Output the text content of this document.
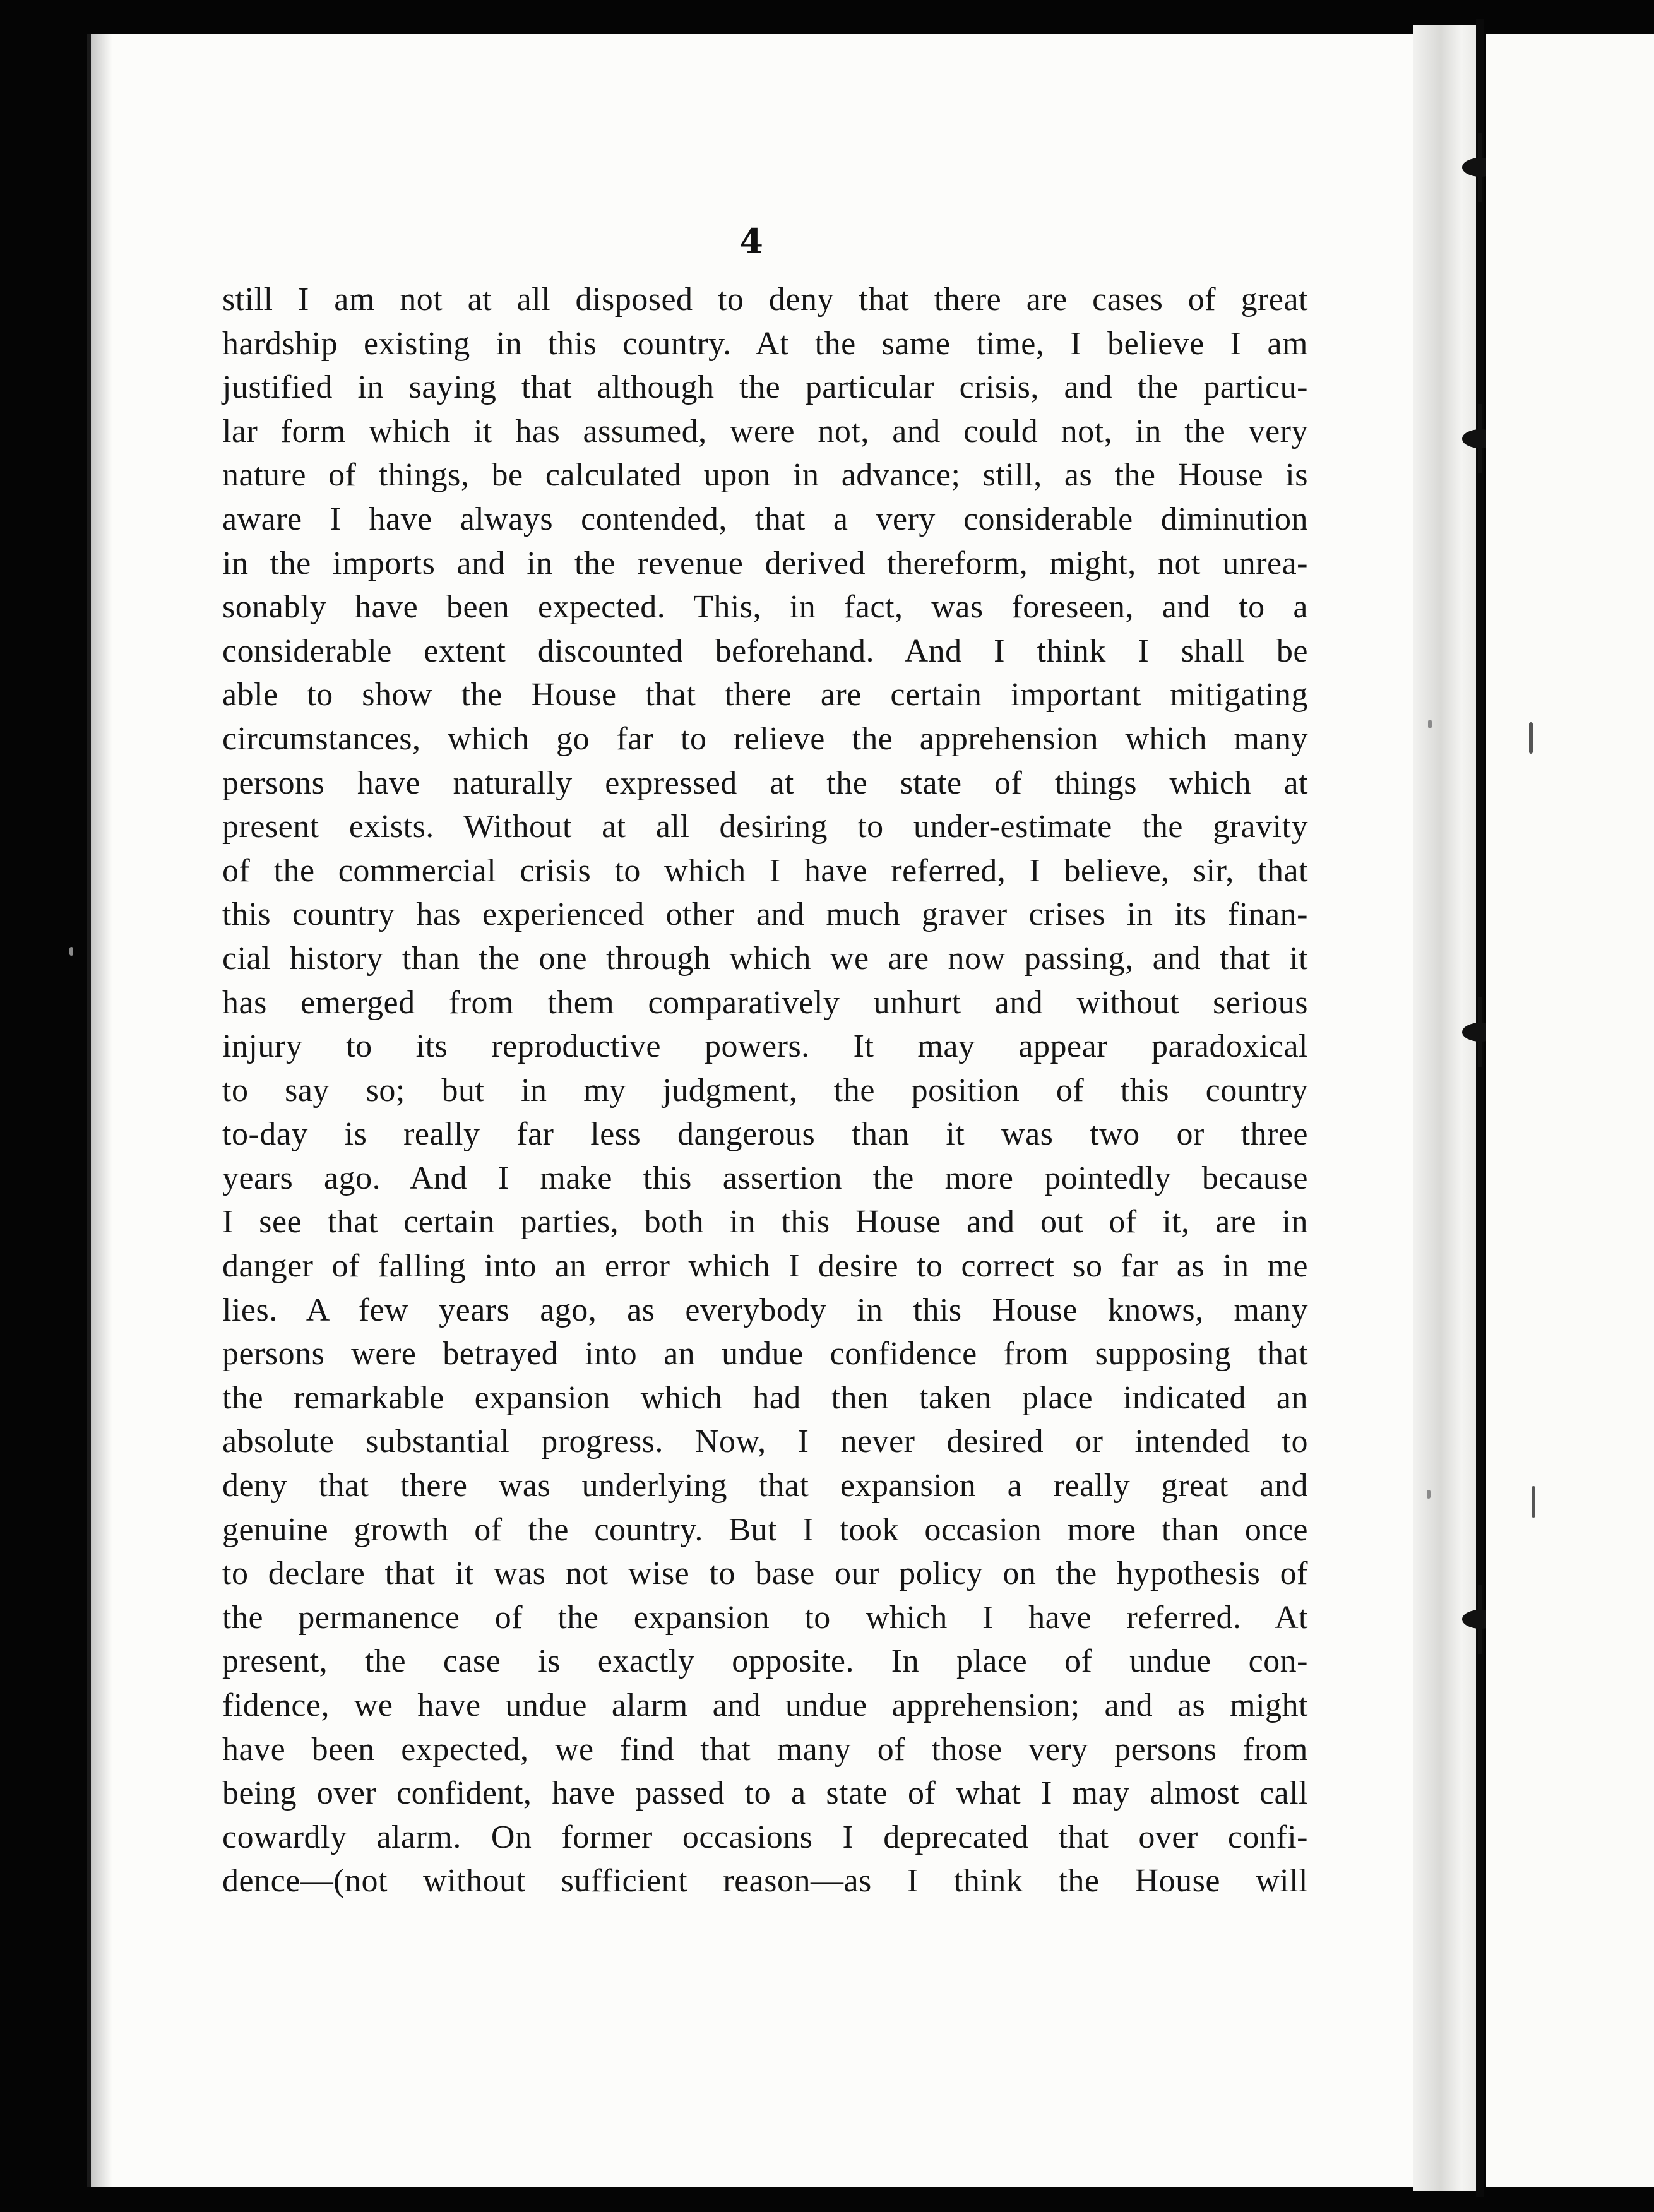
4
still I am not at all disposed to deny that there are cases of great
hardship existing in this country. At the same time, I believe I am
justified in saying that although the particular crisis, and the particu-
lar form which it has assumed, were not, and could not, in the very
nature of things, be calculated upon in advance; still, as the House is
aware I have always contended, that a very considerable diminution
in the imports and in the revenue derived thereform, might, not unrea-
sonably have been expected. This, in fact, was foreseen, and to a
considerable extent discounted beforehand. And I think I shall be
able to show the House that there are certain important mitigating
circumstances, which go far to relieve the apprehension which many
persons have naturally expressed at the state of things which at
present exists. Without at all desiring to under-estimate the gravity
of the commercial crisis to which I have referred, I believe, sir, that
this country has experienced other and much graver crises in its finan-
cial history than the one through which we are now passing, and that it
has emerged from them comparatively unhurt and without serious
injury to its reproductive powers. It may appear paradoxical
to say so; but in my judgment, the position of this country
to-day is really far less dangerous than it was two or three
years ago. And I make this assertion the more pointedly because
I see that certain parties, both in this House and out of it, are in
danger of falling into an error which I desire to correct so far as in me
lies. A few years ago, as everybody in this House knows, many
persons were betrayed into an undue confidence from supposing that
the remarkable expansion which had then taken place indicated an
absolute substantial progress. Now, I never desired or intended to
deny that there was underlying that expansion a really great and
genuine growth of the country. But I took occasion more than once
to declare that it was not wise to base our policy on the hypothesis of
the permanence of the expansion to which I have referred. At
present, the case is exactly opposite. In place of undue con-
fidence, we have undue alarm and undue apprehension; and as might
have been expected, we find that many of those very persons from
being over confident, have passed to a state of what I may almost call
cowardly alarm. On former occasions I deprecated that over confi-
dence—(not without sufficient reason—as I think the House will
